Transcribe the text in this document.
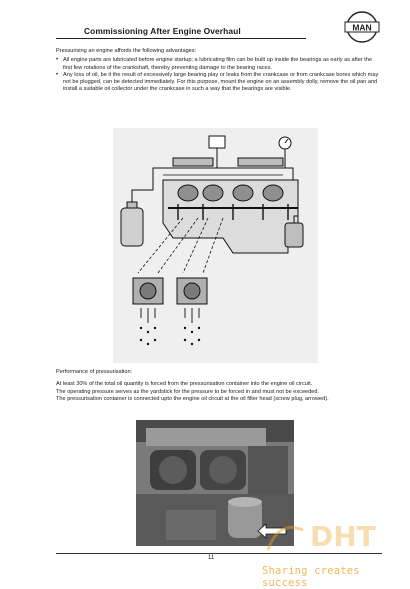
Commissioning After Engine Overhaul	MAN

Pressurising an engine affords the following advantages:

• All engine parts are lubricated before engine startup; a lubricating film can be built up inside the bearings as early as after the first few rotations of the crankshaft, thereby preventing damage to the bearing races.
• Any loss of oil, be it the result of excessively large bearing play or leaks from the crankcase or from crankcase bores which may not be plugged, can be detected immediately. For this purpose, mount the engine on an assembly dolly, remove the oil pan and install a suitable oil collector under the crankcase in such a way that the bearings are visible.

Performance of pressurisation:

At least 30% of the total oil quantity is forced from the pressurisation container into the engine oil circuit.

The operating pressure serves as the yardstick for the pressure to be forced in and must not be exceeded.

The pressurisation container is connected upto the engine oil circuit at the oil filter head (screw plug, arrowed).

11
DHT
Sharing creates success
